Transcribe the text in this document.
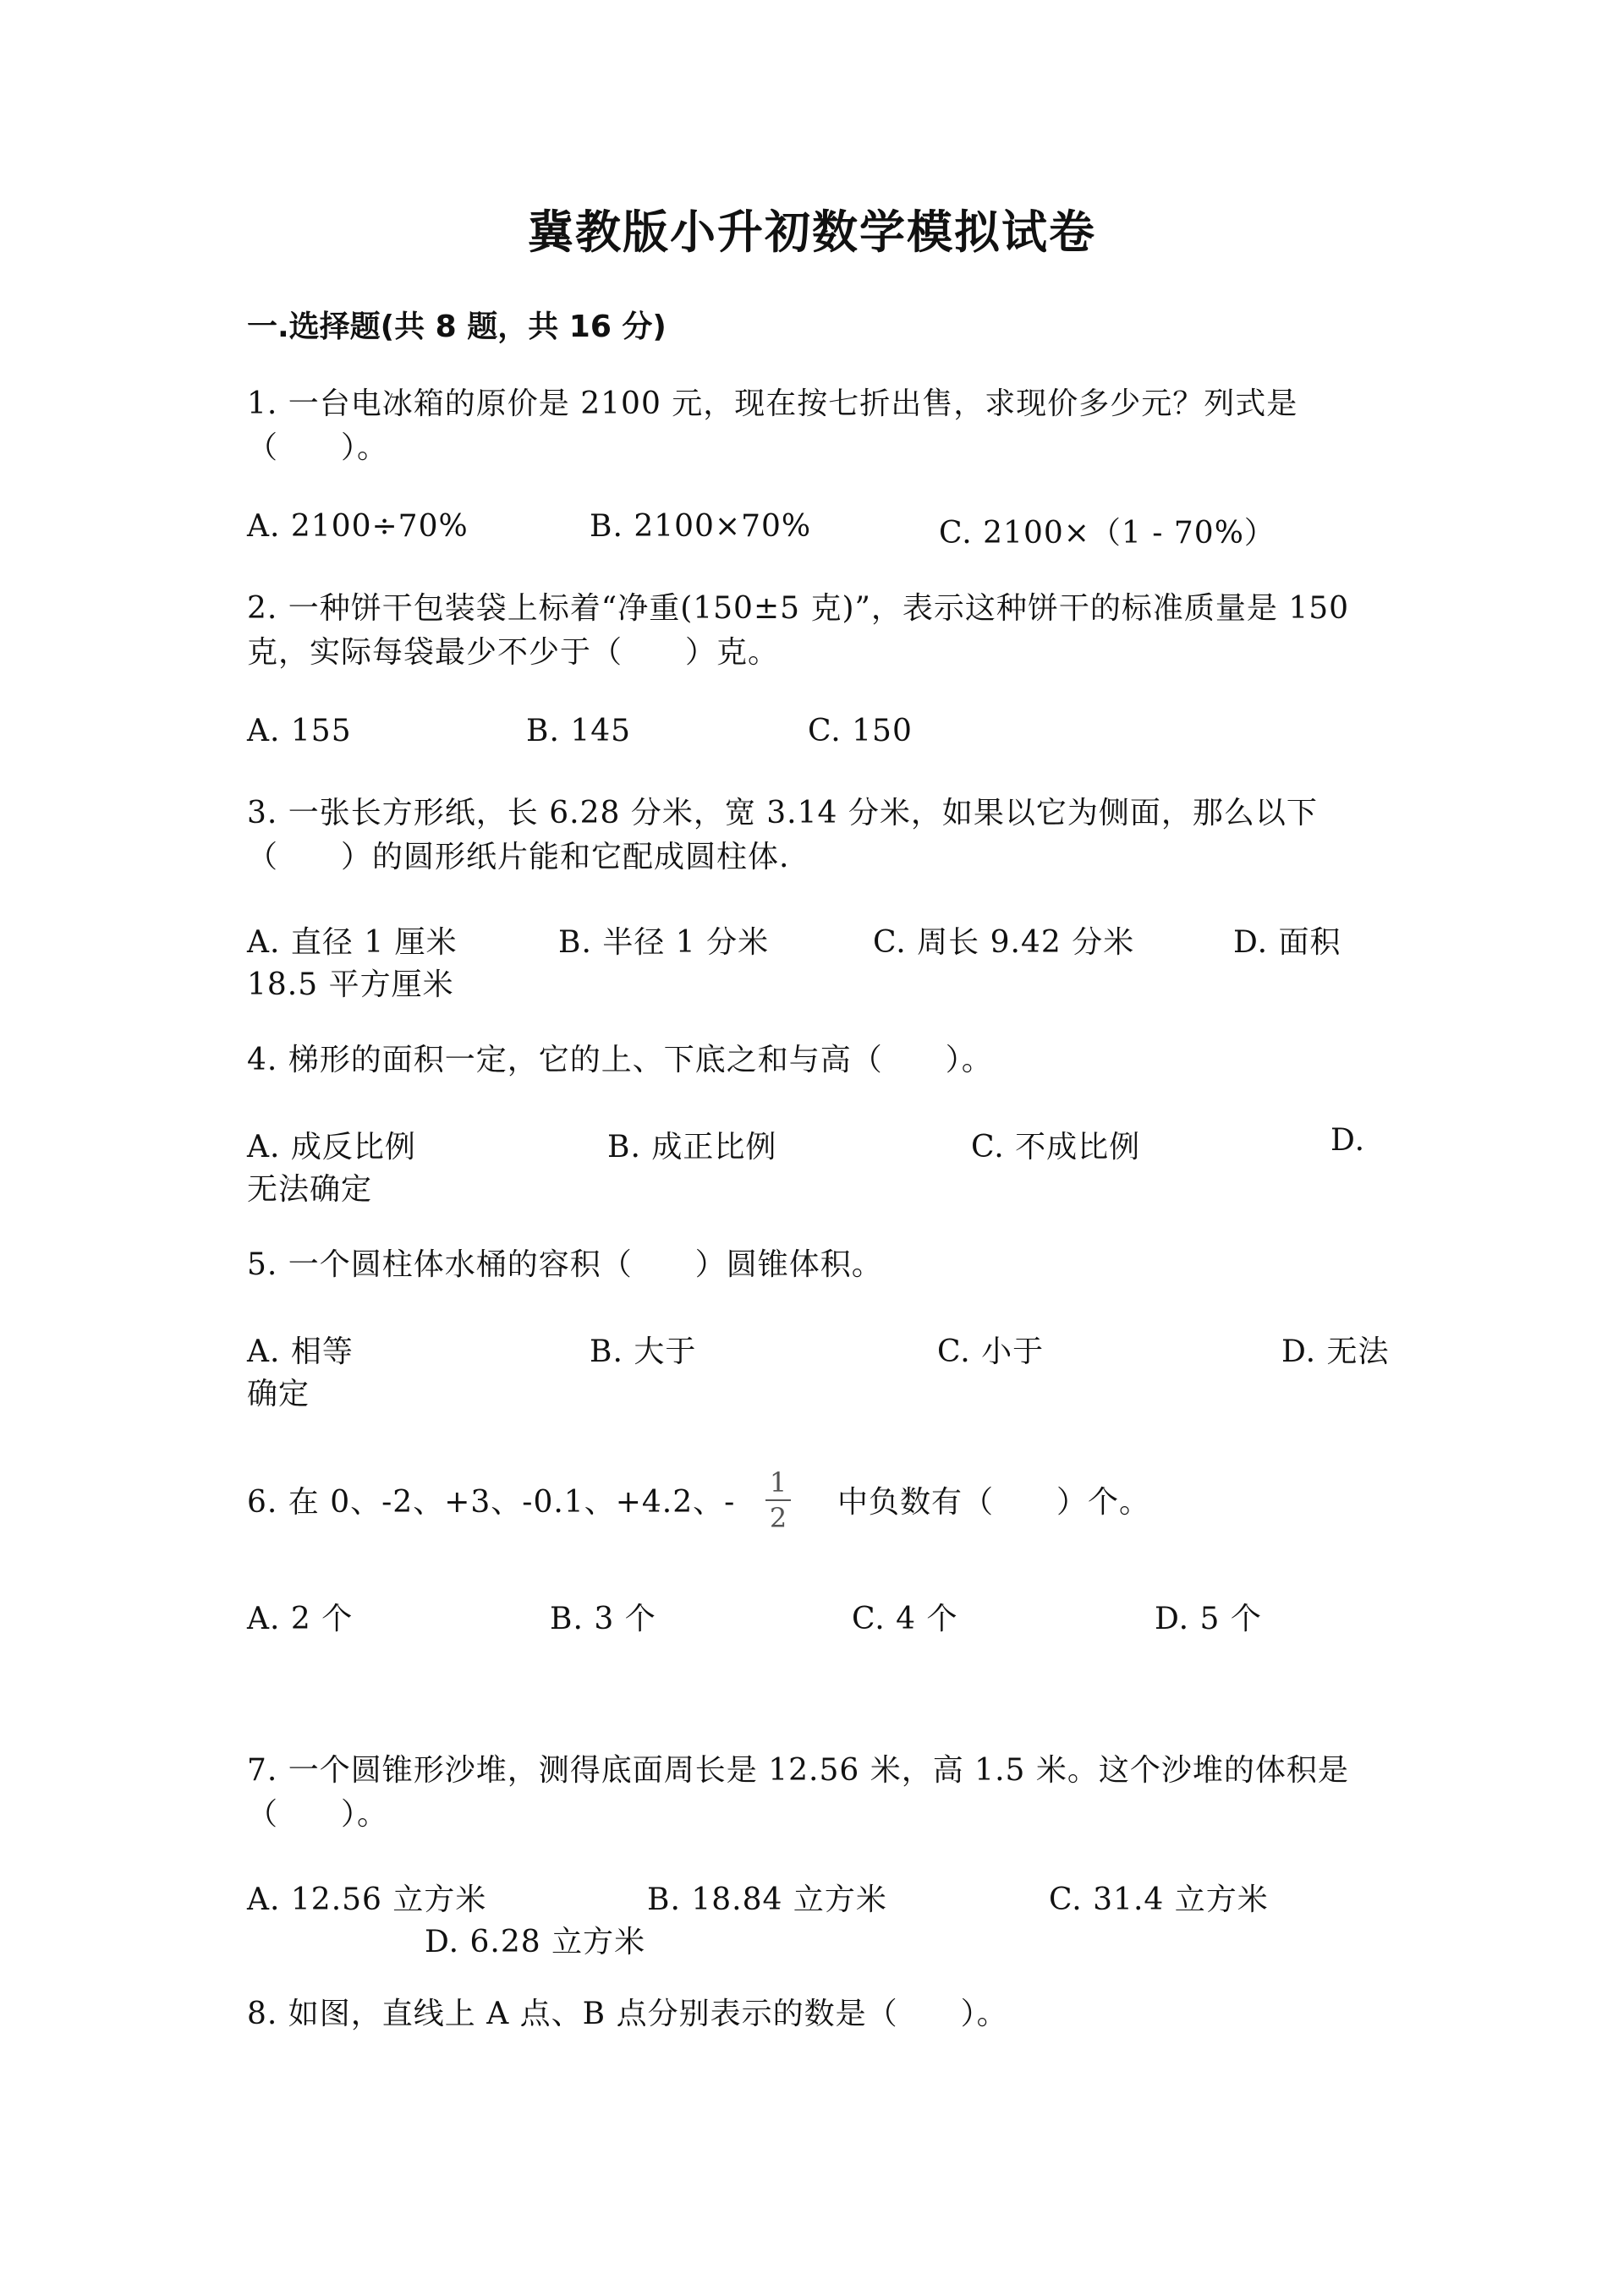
冀教版小升初数学模拟试卷
一.选择题(共 8 题，共 16 分)
1. 一台电冰箱的原价是 2100 元，现在按七折出售，求现价多少元？列式是（　　）。
A. 2100÷70%	B. 2100×70%	C. 2100×（1 - 70%）
2. 一种饼干包装袋上标着“净重(150±5 克)”，表示这种饼干的标准质量是 150 克，实际每袋最少不少于（　　）克。
A. 155	B. 145	C. 150
3. 一张长方形纸，长 6.28 分米，宽 3.14 分米，如果以它为侧面，那么以下（　　）的圆形纸片能和它配成圆柱体.
A. 直径 1 厘米	B. 半径 1 分米	C. 周长 9.42 分米	D. 面积
18.5 平方厘米
4. 梯形的面积一定，它的上、下底之和与高（　　）。
A. 成反比例	B. 成正比例	C. 不成比例	D.
无法确定
5. 一个圆柱体水桶的容积（　　）圆锥体积。
A. 相等	B. 大于	C. 小于	D. 无法
确定
6. 在 0、-2、+3、-0.1、+4.2、-
1
2 中负数有（　　）个。
A. 2 个	B. 3 个	C. 4 个	D. 5 个
7. 一个圆锥形沙堆，测得底面周长是 12.56 米，高 1.5 米。这个沙堆的体积是（　　）。
A. 12.56 立方米	B. 18.84 立方米	C. 31.4 立方米
D. 6.28 立方米
8. 如图，直线上 A 点、B 点分别表示的数是（　　）。
